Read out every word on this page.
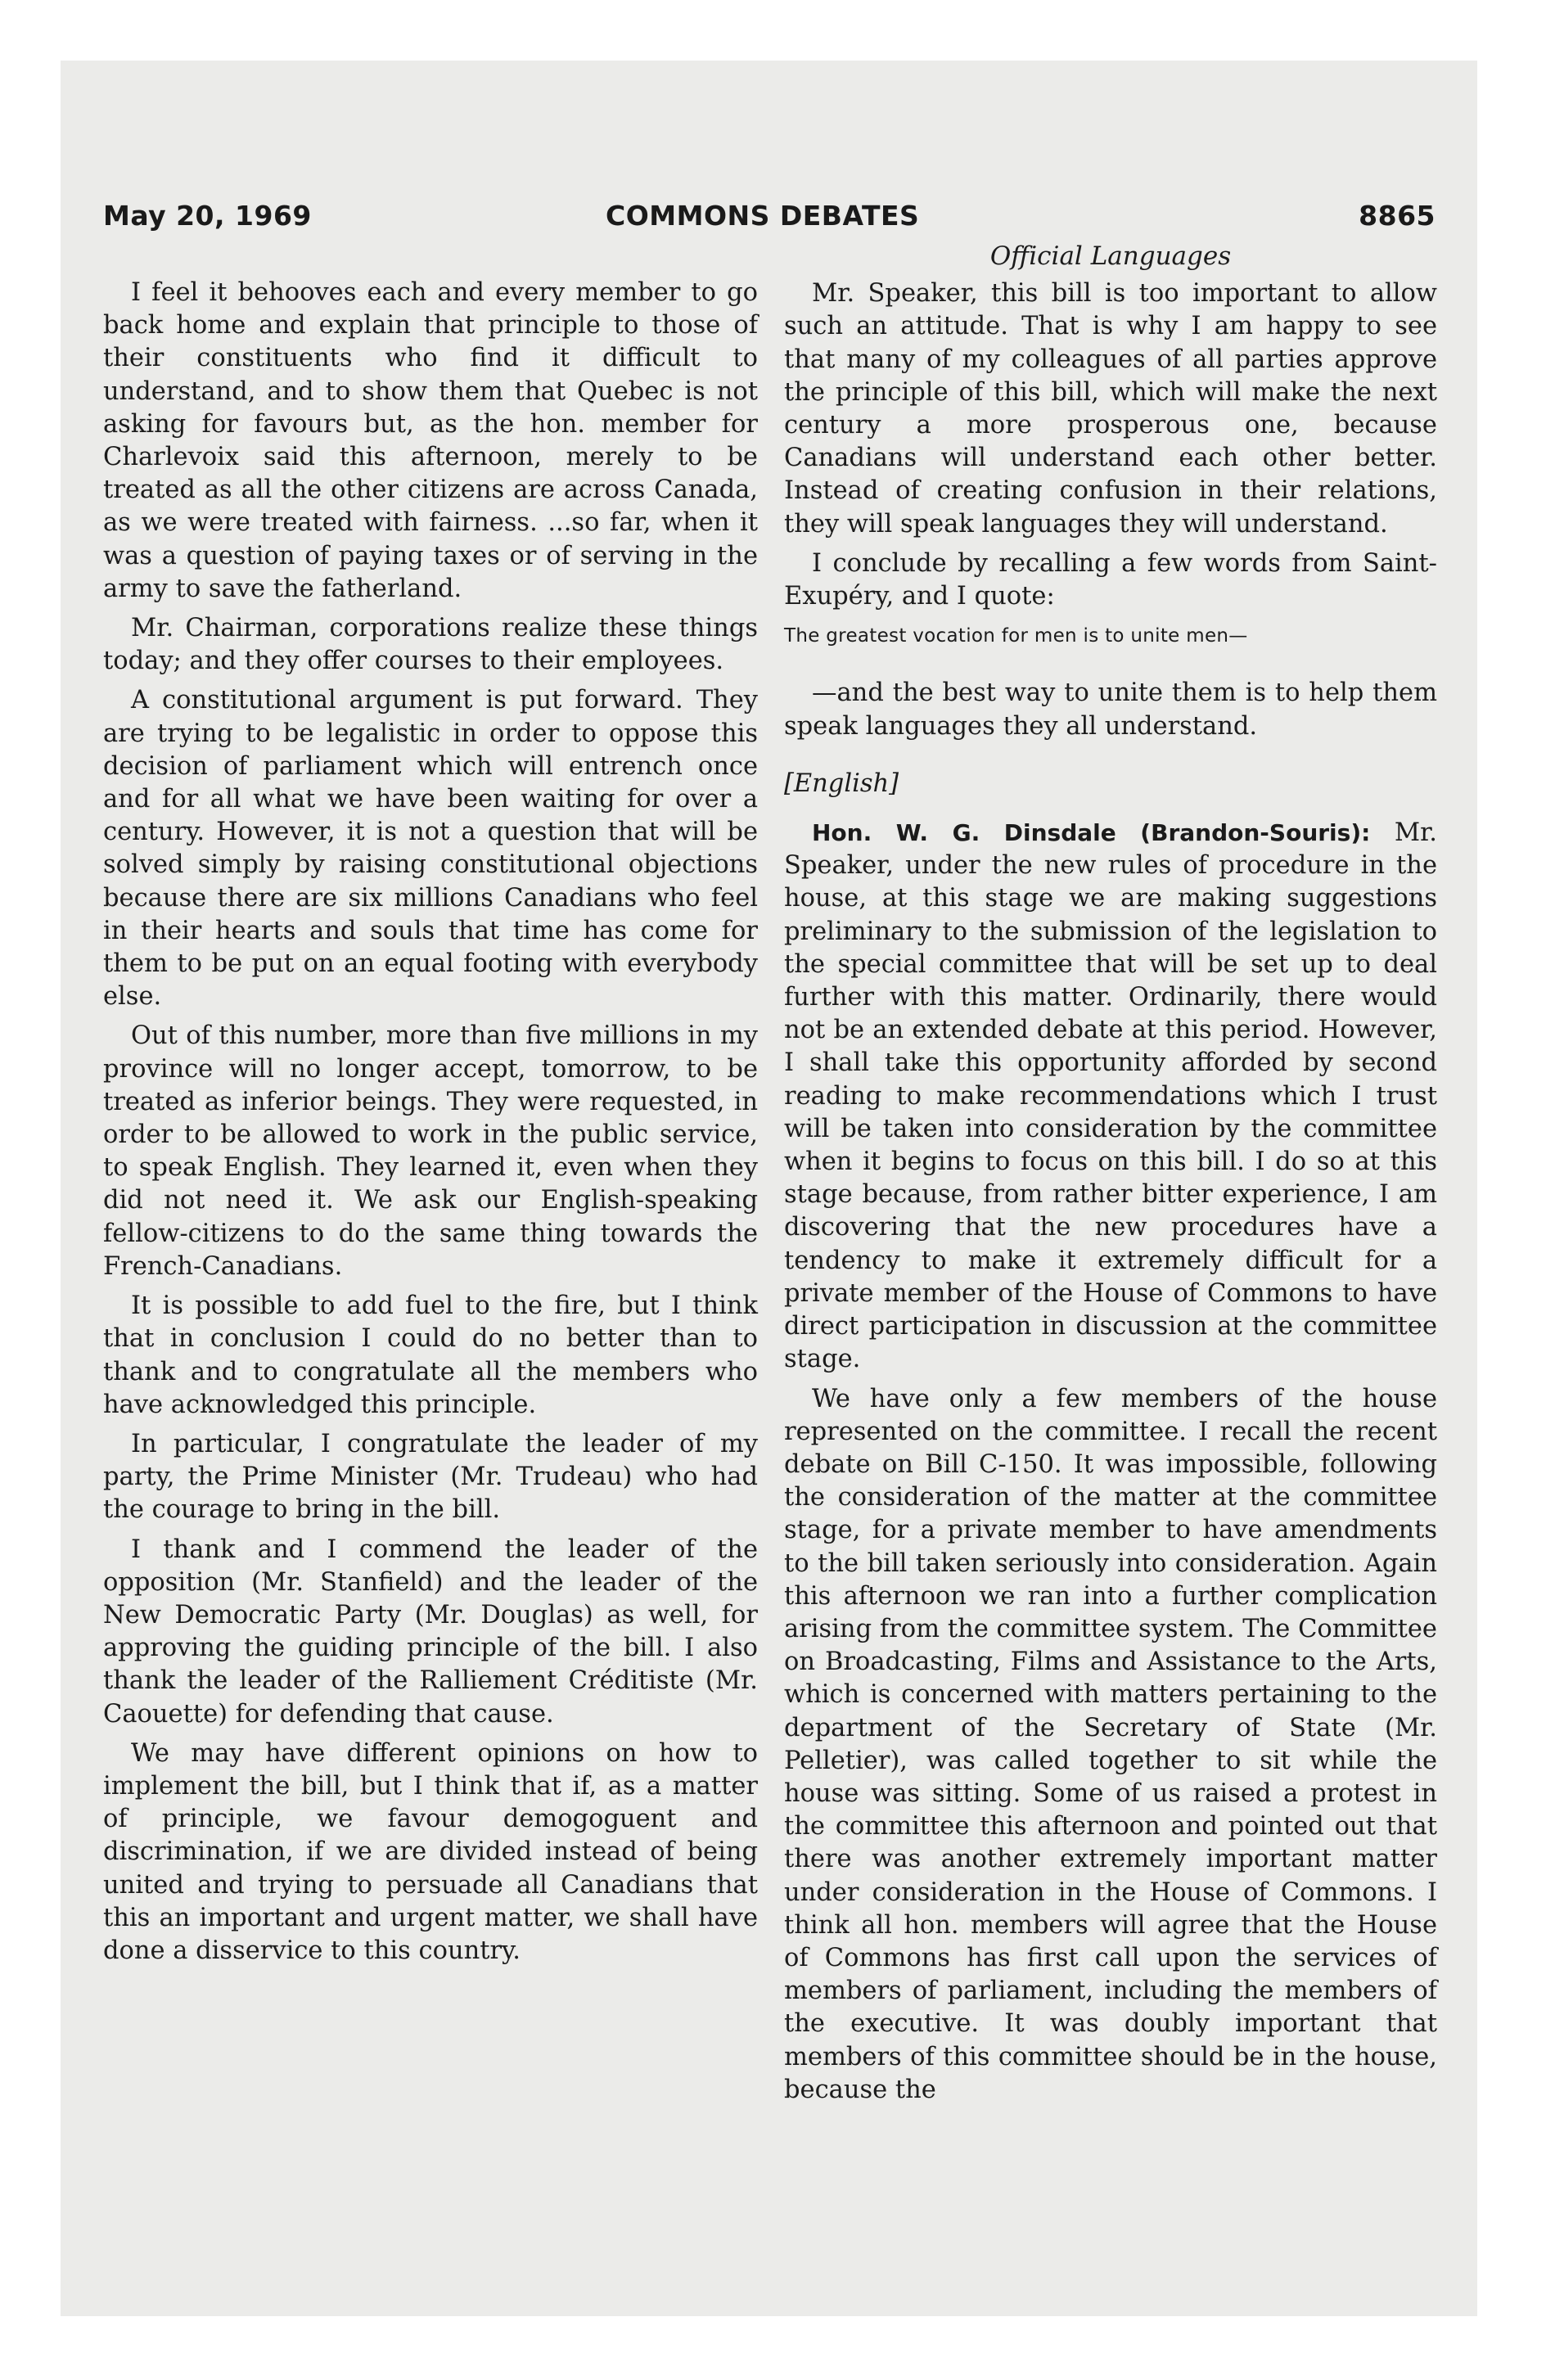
May 20, 1969	COMMONS DEBATES	8865

I feel it behooves each and every member to go back home and explain that principle to those of their constituents who find it difficult to understand, and to show them that Quebec is not asking for favours but, as the hon. member for Charlevoix said this afternoon, merely to be treated as all the other citizens are across Canada, as we were treated with fairness. ...so far, when it was a question of paying taxes or of serving in the army to save the fatherland.

Mr. Chairman, corporations realize these things today; and they offer courses to their employees.

A constitutional argument is put forward. They are trying to be legalistic in order to oppose this decision of parliament which will entrench once and for all what we have been waiting for over a century. However, it is not a question that will be solved simply by raising constitutional objections because there are six millions Canadians who feel in their hearts and souls that time has come for them to be put on an equal footing with everybody else.

Out of this number, more than five millions in my province will no longer accept, tomorrow, to be treated as inferior beings. They were requested, in order to be allowed to work in the public service, to speak English. They learned it, even when they did not need it. We ask our English-speaking fellow-citizens to do the same thing towards the French-Canadians.

It is possible to add fuel to the fire, but I think that in conclusion I could do no better than to thank and to congratulate all the members who have acknowledged this principle.

In particular, I congratulate the leader of my party, the Prime Minister (Mr. Trudeau) who had the courage to bring in the bill.

I thank and I commend the leader of the opposition (Mr. Stanfield) and the leader of the New Democratic Party (Mr. Douglas) as well, for approving the guiding principle of the bill. I also thank the leader of the Ralliement Créditiste (Mr. Caouette) for defending that cause.

We may have different opinions on how to implement the bill, but I think that if, as a matter of principle, we favour demogoguent and discrimination, if we are divided instead of being united and trying to persuade all Canadians that this an important and urgent matter, we shall have done a disservice to this country.

Official Languages

Mr. Speaker, this bill is too important to allow such an attitude. That is why I am happy to see that many of my colleagues of all parties approve the principle of this bill, which will make the next century a more prosperous one, because Canadians will understand each other better. Instead of creating confusion in their relations, they will speak languages they will understand.

I conclude by recalling a few words from Saint-Exupéry, and I quote:

The greatest vocation for men is to unite men—

—and the best way to unite them is to help them speak languages they all understand.

[English]

Hon. W. G. Dinsdale (Brandon-Souris): Mr. Speaker, under the new rules of procedure in the house, at this stage we are making suggestions preliminary to the submission of the legislation to the special committee that will be set up to deal further with this matter. Ordinarily, there would not be an extended debate at this period. However, I shall take this opportunity afforded by second reading to make recommendations which I trust will be taken into consideration by the committee when it begins to focus on this bill. I do so at this stage because, from rather bitter experience, I am discovering that the new procedures have a tendency to make it extremely difficult for a private member of the House of Commons to have direct participation in discussion at the committee stage.

We have only a few members of the house represented on the committee. I recall the recent debate on Bill C-150. It was impossible, following the consideration of the matter at the committee stage, for a private member to have amendments to the bill taken seriously into consideration. Again this afternoon we ran into a further complication arising from the committee system. The Committee on Broadcasting, Films and Assistance to the Arts, which is concerned with matters pertaining to the department of the Secretary of State (Mr. Pelletier), was called together to sit while the house was sitting. Some of us raised a protest in the committee this afternoon and pointed out that there was another extremely important matter under consideration in the House of Commons. I think all hon. members will agree that the House of Commons has first call upon the services of members of parliament, including the members of the executive. It was doubly important that members of this committee should be in the house, because the
